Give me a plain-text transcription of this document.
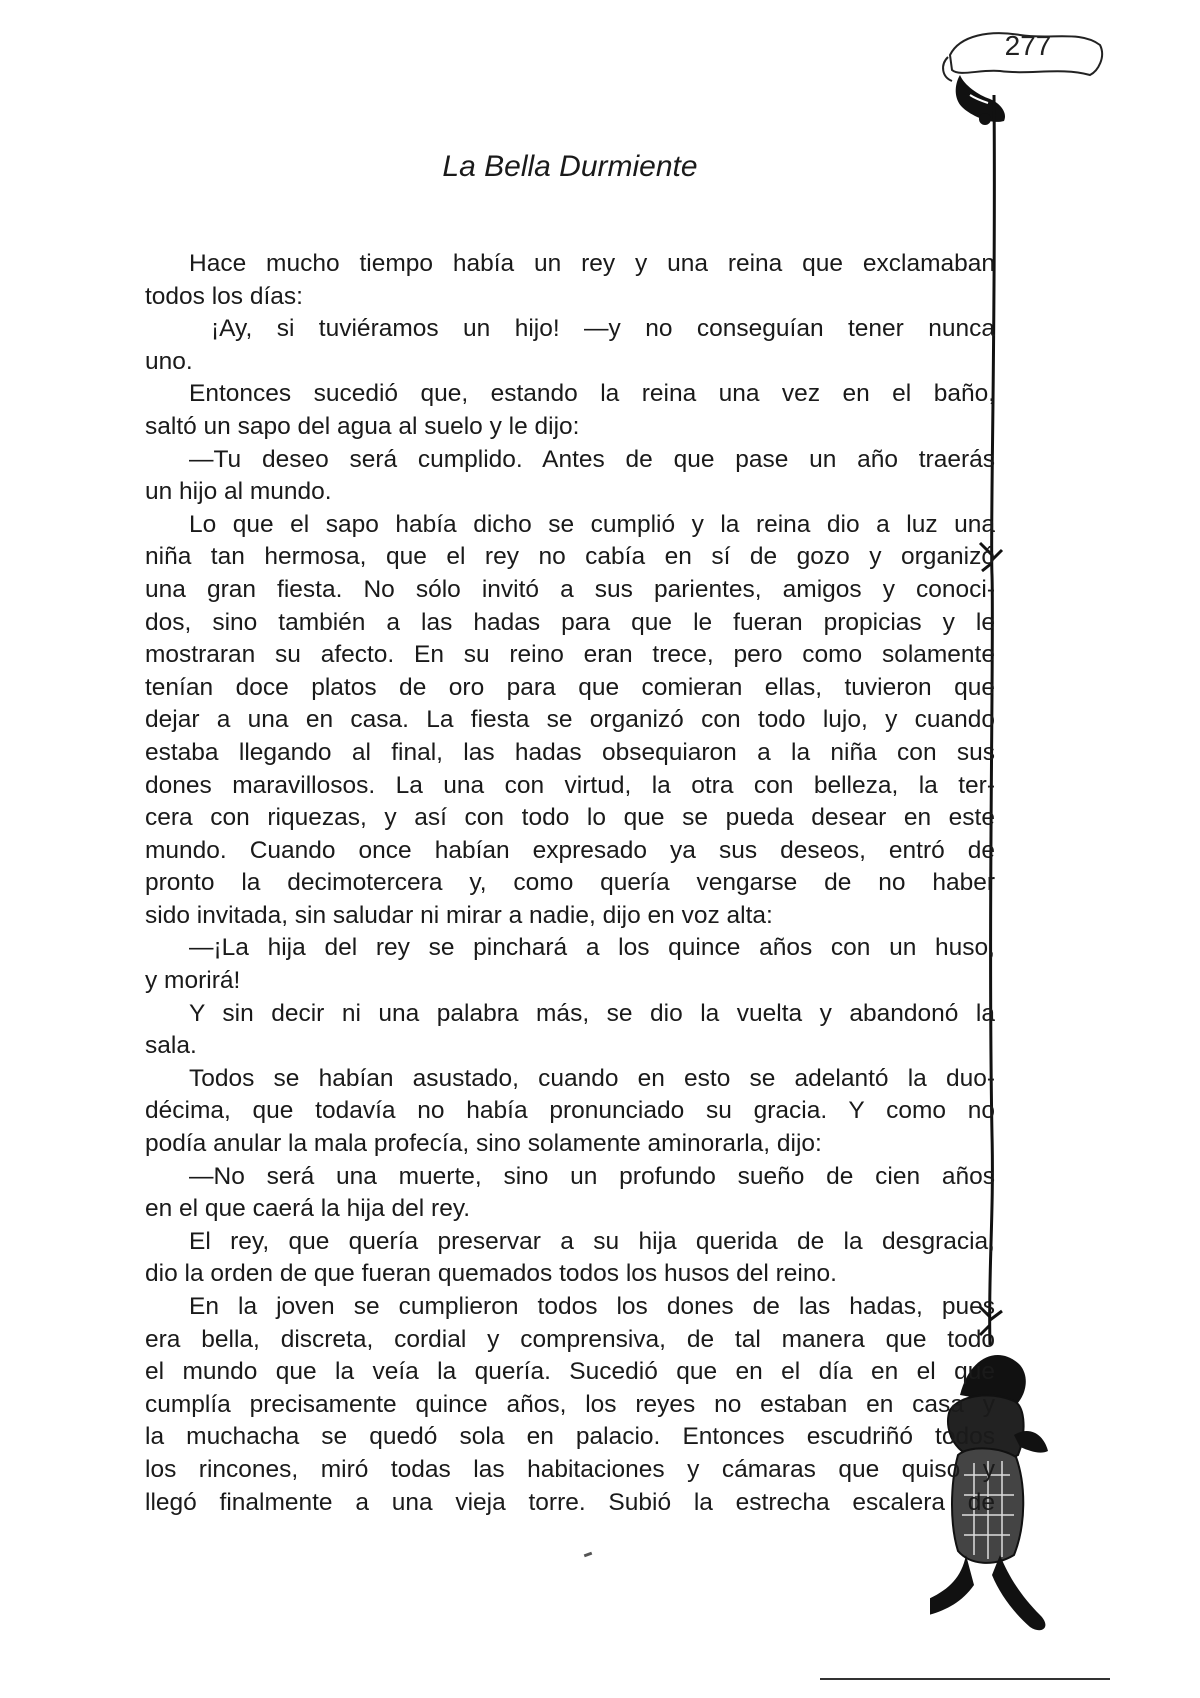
277
La Bella Durmiente
Hace mucho tiempo había un rey y una reina que exclamaban
todos los días:
¡Ay, si tuviéramos un hijo! —y no conseguían tener nunca
uno.
Entonces sucedió que, estando la reina una vez en el baño,
saltó un sapo del agua al suelo y le dijo:
—Tu deseo será cumplido. Antes de que pase un año traerás
un hijo al mundo.
Lo que el sapo había dicho se cumplió y la reina dio a luz una
niña tan hermosa, que el rey no cabía en sí de gozo y organizó
una gran fiesta. No sólo invitó a sus parientes, amigos y conoci-
dos, sino también a las hadas para que le fueran propicias y le
mostraran su afecto. En su reino eran trece, pero como solamente
tenían doce platos de oro para que comieran ellas, tuvieron que
dejar a una en casa. La fiesta se organizó con todo lujo, y cuando
estaba llegando al final, las hadas obsequiaron a la niña con sus
dones maravillosos. La una con virtud, la otra con belleza, la ter-
cera con riquezas, y así con todo lo que se pueda desear en este
mundo. Cuando once habían expresado ya sus deseos, entró de
pronto la decimotercera y, como quería vengarse de no haber
sido invitada, sin saludar ni mirar a nadie, dijo en voz alta:
—¡La hija del rey se pinchará a los quince años con un huso,
y morirá!
Y sin decir ni una palabra más, se dio la vuelta y abandonó la
sala.
Todos se habían asustado, cuando en esto se adelantó la duo-
décima, que todavía no había pronunciado su gracia. Y como no
podía anular la mala profecía, sino solamente aminorarla, dijo:
—No será una muerte, sino un profundo sueño de cien años
en el que caerá la hija del rey.
El rey, que quería preservar a su hija querida de la desgracia,
dio la orden de que fueran quemados todos los husos del reino.
En la joven se cumplieron todos los dones de las hadas, pues
era bella, discreta, cordial y comprensiva, de tal manera que todo
el mundo que la veía la quería. Sucedió que en el día en el que
cumplía precisamente quince años, los reyes no estaban en casa y
la muchacha se quedó sola en palacio. Entonces escudriñó todos
los rincones, miró todas las habitaciones y cámaras que quiso y
llegó finalmente a una vieja torre. Subió la estrecha escalera de
